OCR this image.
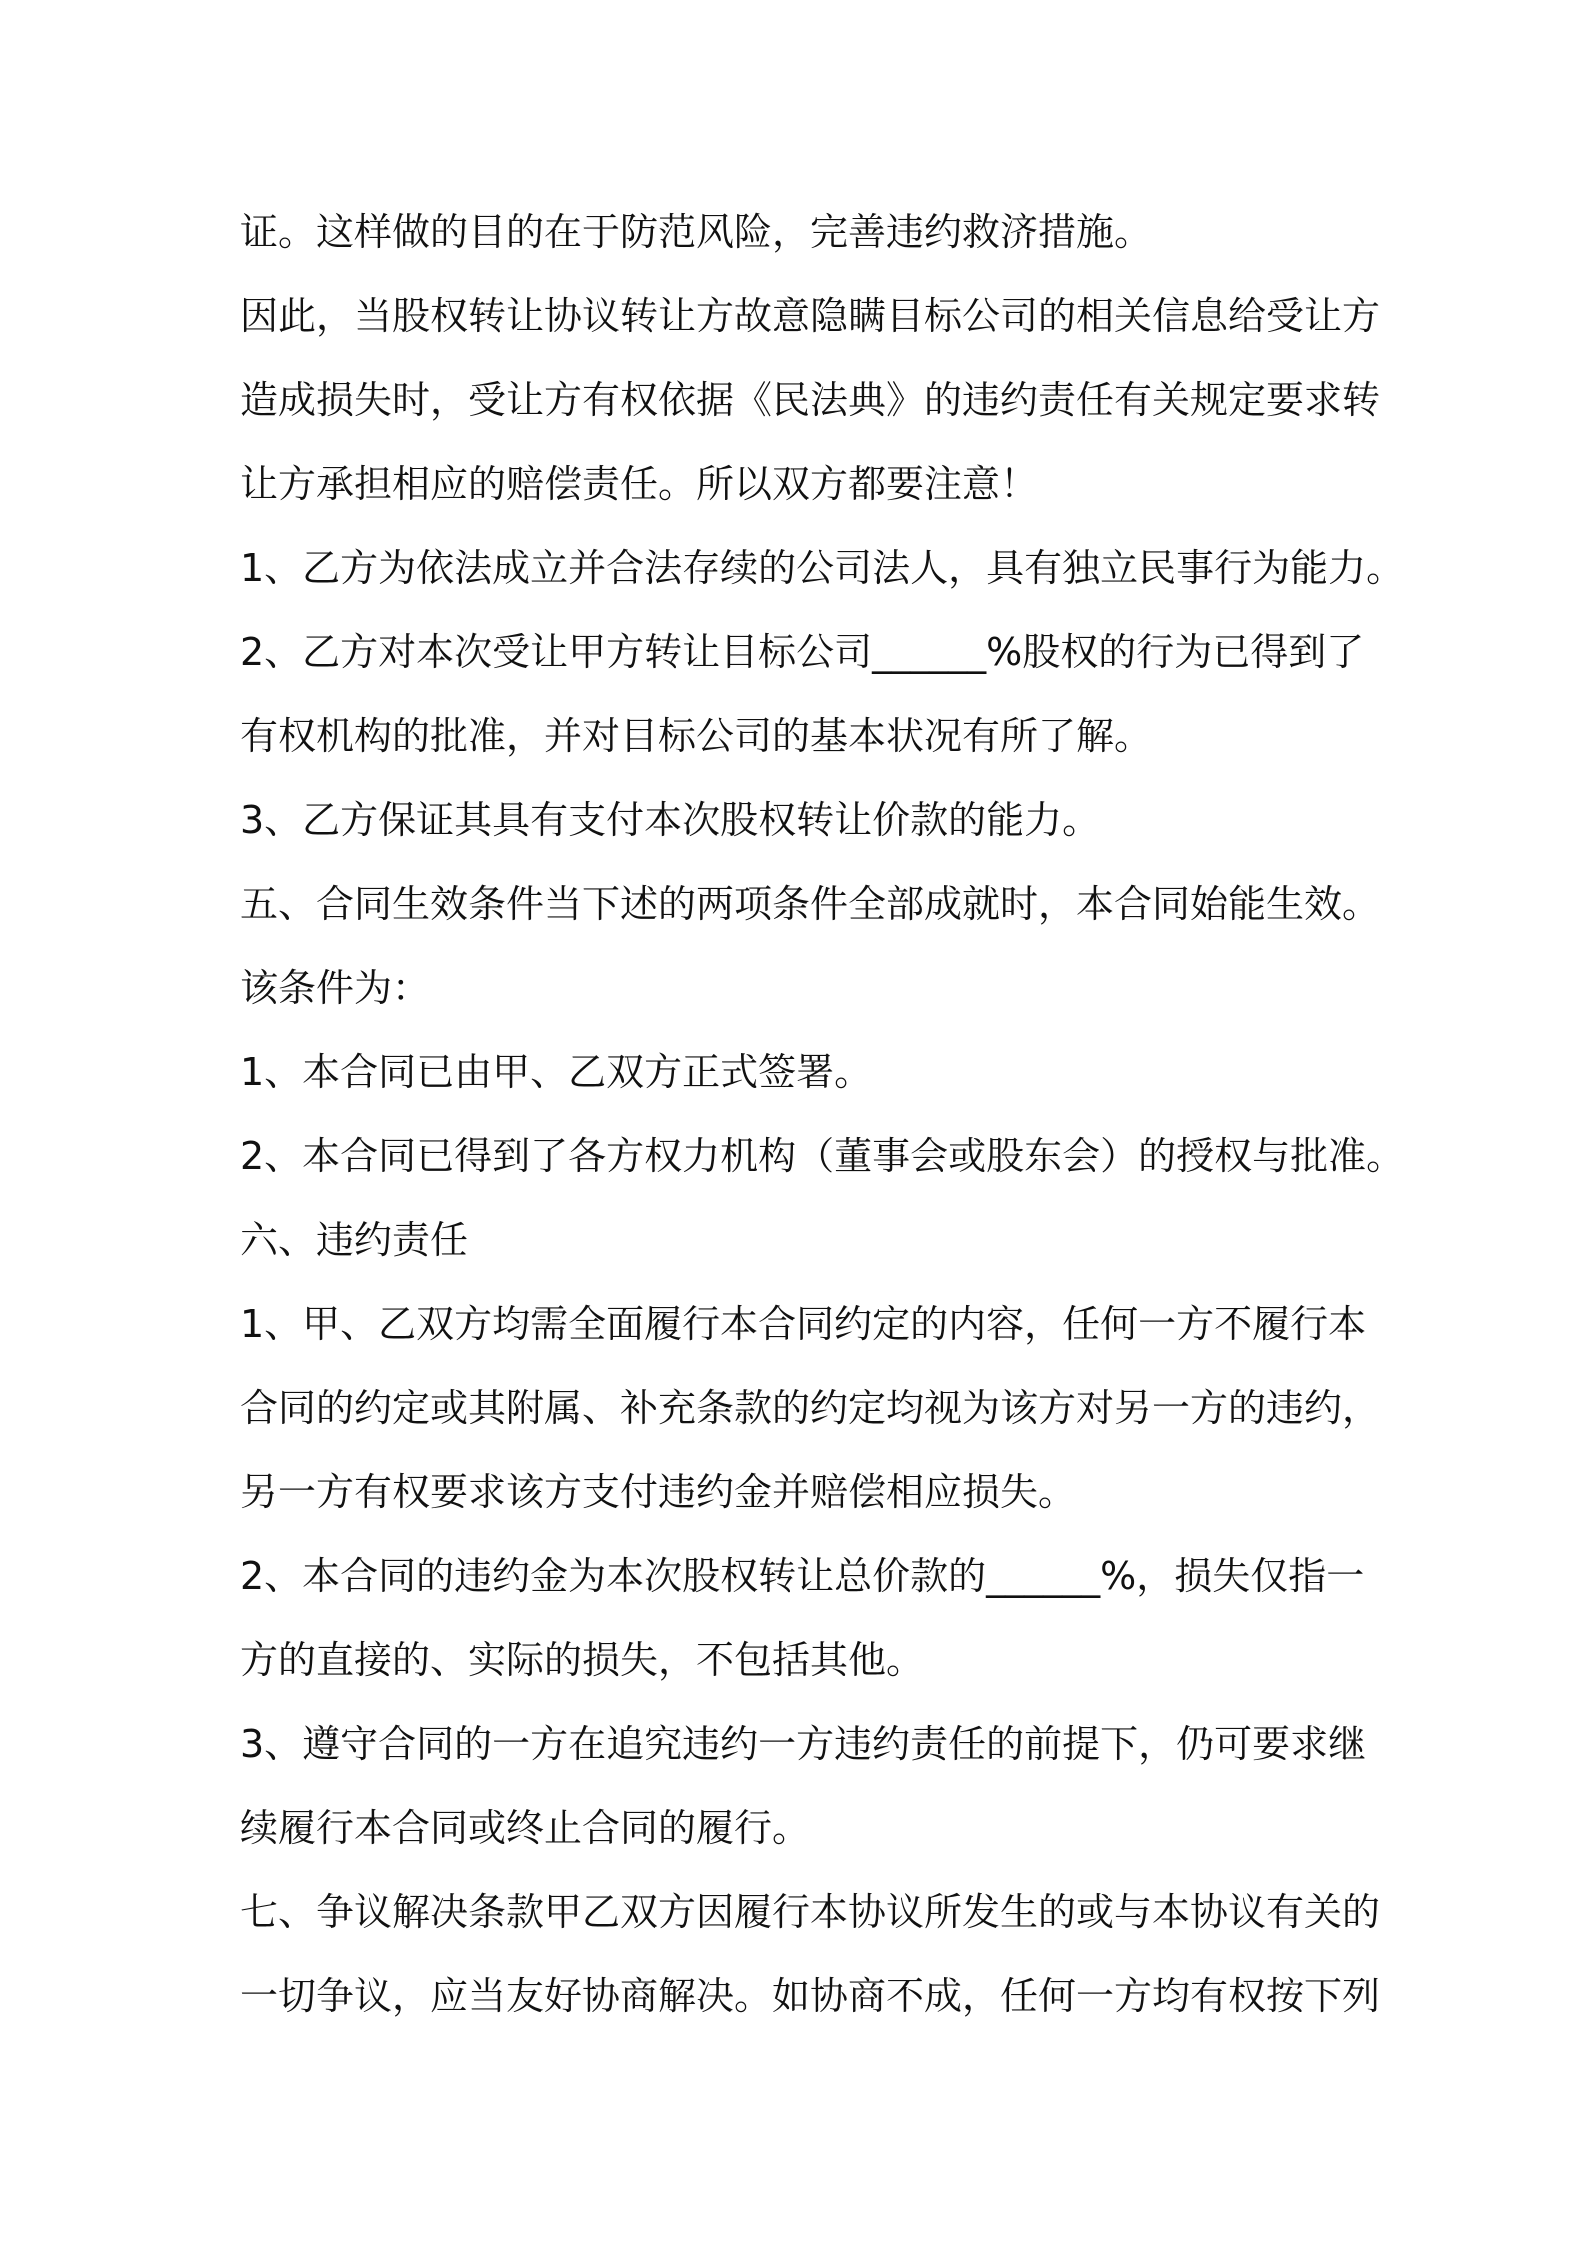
证。这样做的目的在于防范风险，完善违约救济措施。
因此，当股权转让协议转让方故意隐瞒目标公司的相关信息给受让方
造成损失时，受让方有权依据《民法典》的违约责任有关规定要求转
让方承担相应的赔偿责任。所以双方都要注意！
1、乙方为依法成立并合法存续的公司法人，具有独立民事行为能力。
2、乙方对本次受让甲方转让目标公司______%股权的行为已得到了
有权机构的批准，并对目标公司的基本状况有所了解。
3、乙方保证其具有支付本次股权转让价款的能力。
五、合同生效条件当下述的两项条件全部成就时，本合同始能生效。
该条件为：
1、本合同已由甲、乙双方正式签署。
2、本合同已得到了各方权力机构（董事会或股东会）的授权与批准。
六、违约责任
1、甲、乙双方均需全面履行本合同约定的内容，任何一方不履行本
合同的约定或其附属、补充条款的约定均视为该方对另一方的违约，
另一方有权要求该方支付违约金并赔偿相应损失。
2、本合同的违约金为本次股权转让总价款的______%，损失仅指一
方的直接的、实际的损失，不包括其他。
3、遵守合同的一方在追究违约一方违约责任的前提下，仍可要求继
续履行本合同或终止合同的履行。
七、争议解决条款甲乙双方因履行本协议所发生的或与本协议有关的
一切争议，应当友好协商解决。如协商不成，任何一方均有权按下列
